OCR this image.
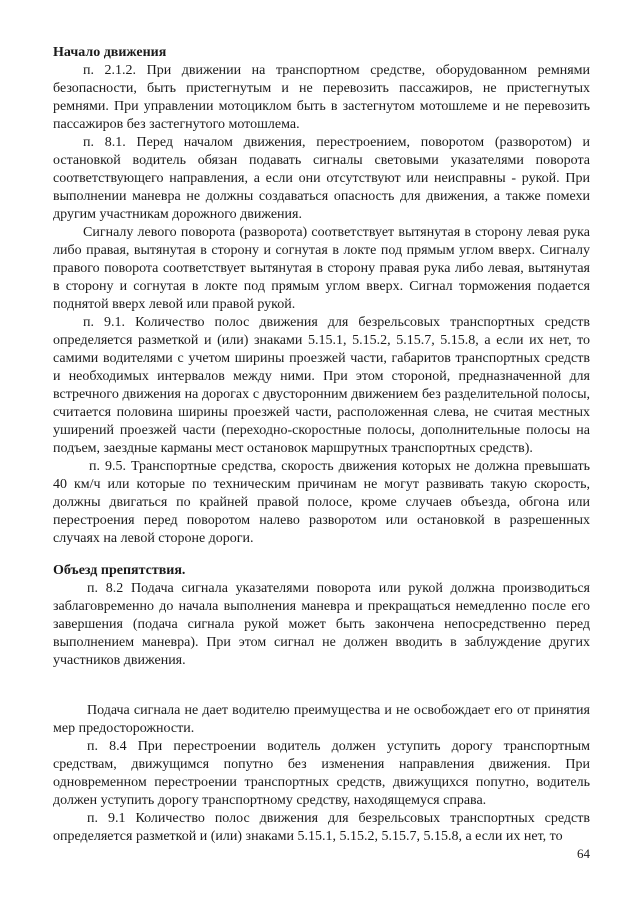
Начало движения

п. 2.1.2. При движении на транспортном средстве, оборудованном ремнями безопасности, быть пристегнутым и не перевозить пассажиров, не пристегнутых ремнями. При управлении мотоциклом быть в застегнутом мотошлеме и не перевозить пассажиров без застегнутого мотошлема.

п. 8.1. Перед началом движения, перестроением, поворотом (разворотом) и остановкой водитель обязан подавать сигналы световыми указателями поворота соответствующего направления, а если они отсутствуют или неисправны - рукой. При выполнении маневра не должны создаваться опасность для движения, а также помехи другим участникам дорожного движения.

Сигналу левого поворота (разворота) соответствует вытянутая в сторону левая рука либо правая, вытянутая в сторону и согнутая в локте под прямым углом вверх. Сигналу правого поворота соответствует вытянутая в сторону правая рука либо левая, вытянутая в сторону и согнутая в локте под прямым углом вверх. Сигнал торможения подается поднятой вверх левой или правой рукой.

п. 9.1. Количество полос движения для безрельсовых транспортных средств определяется разметкой и (или) знаками 5.15.1, 5.15.2, 5.15.7, 5.15.8, а если их нет, то самими водителями с учетом ширины проезжей части, габаритов транспортных средств и необходимых интервалов между ними. При этом стороной, предназначенной для встречного движения на дорогах с двусторонним движением без разделительной полосы, считается половина ширины проезжей части, расположенная слева, не считая местных уширений проезжей части (переходно-скоростные полосы, дополнительные полосы на подъем, заездные карманы мест остановок маршрутных транспортных средств).

п. 9.5. Транспортные средства, скорость движения которых не должна превышать 40 км/ч или которые по техническим причинам не могут развивать такую скорость, должны двигаться по крайней правой полосе, кроме случаев объезда, обгона или перестроения перед поворотом налево разворотом или остановкой в разрешенных случаях на левой стороне дороги.

Объезд препятствия.

п. 8.2 Подача сигнала указателями поворота или рукой должна производиться заблаговременно до начала выполнения маневра и прекращаться немедленно после его завершения (подача сигнала рукой может быть закончена непосредственно перед выполнением маневра). При этом сигнал не должен вводить в заблуждение других участников движения.

Подача сигнала не дает водителю преимущества и не освобождает его от принятия мер предосторожности.

п. 8.4 При перестроении водитель должен уступить дорогу транспортным средствам, движущимся попутно без изменения направления движения. При одновременном перестроении транспортных средств, движущихся попутно, водитель должен уступить дорогу транспортному средству, находящемуся справа.

п. 9.1 Количество полос движения для безрельсовых транспортных средств определяется разметкой и (или) знаками 5.15.1, 5.15.2, 5.15.7, 5.15.8, а если их нет, то

64
